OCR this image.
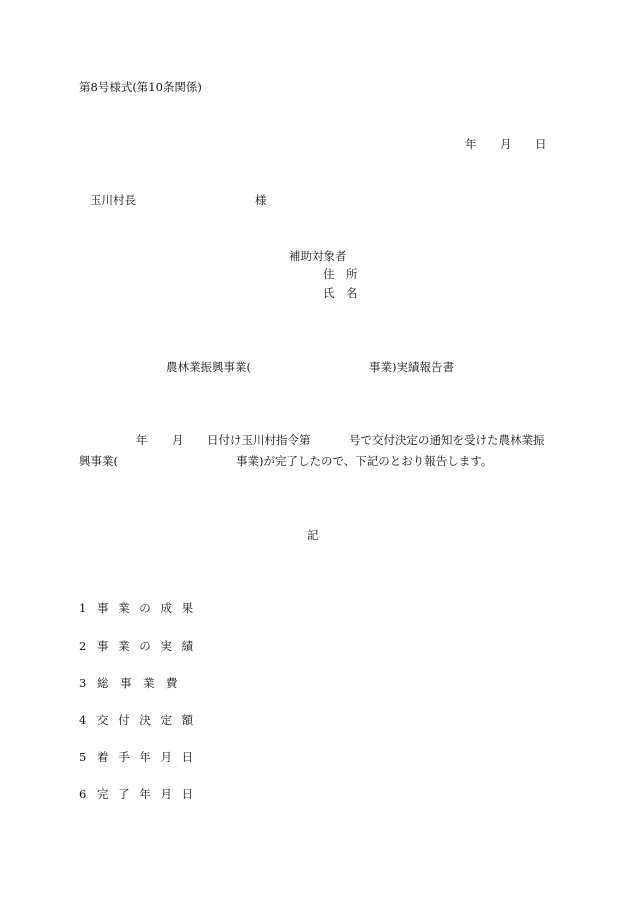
第8号様式(第10条関係)
年 月 日
玉川村長	様
補助対象者
住　所
氏　名
農林業振興事業(	事業)実績報告書
年 月 日付け玉川村指令第	号で交付決定の通知を受けた農林業振
興事業(	事業)が完了したので、下記のとおり報告します。
記
1 事 業 の 成 果
2 事 業 の 実 績
3 総　事　業　費
4 交 付 決 定 額
5 着 手 年 月 日
6 完 了 年 月 日
